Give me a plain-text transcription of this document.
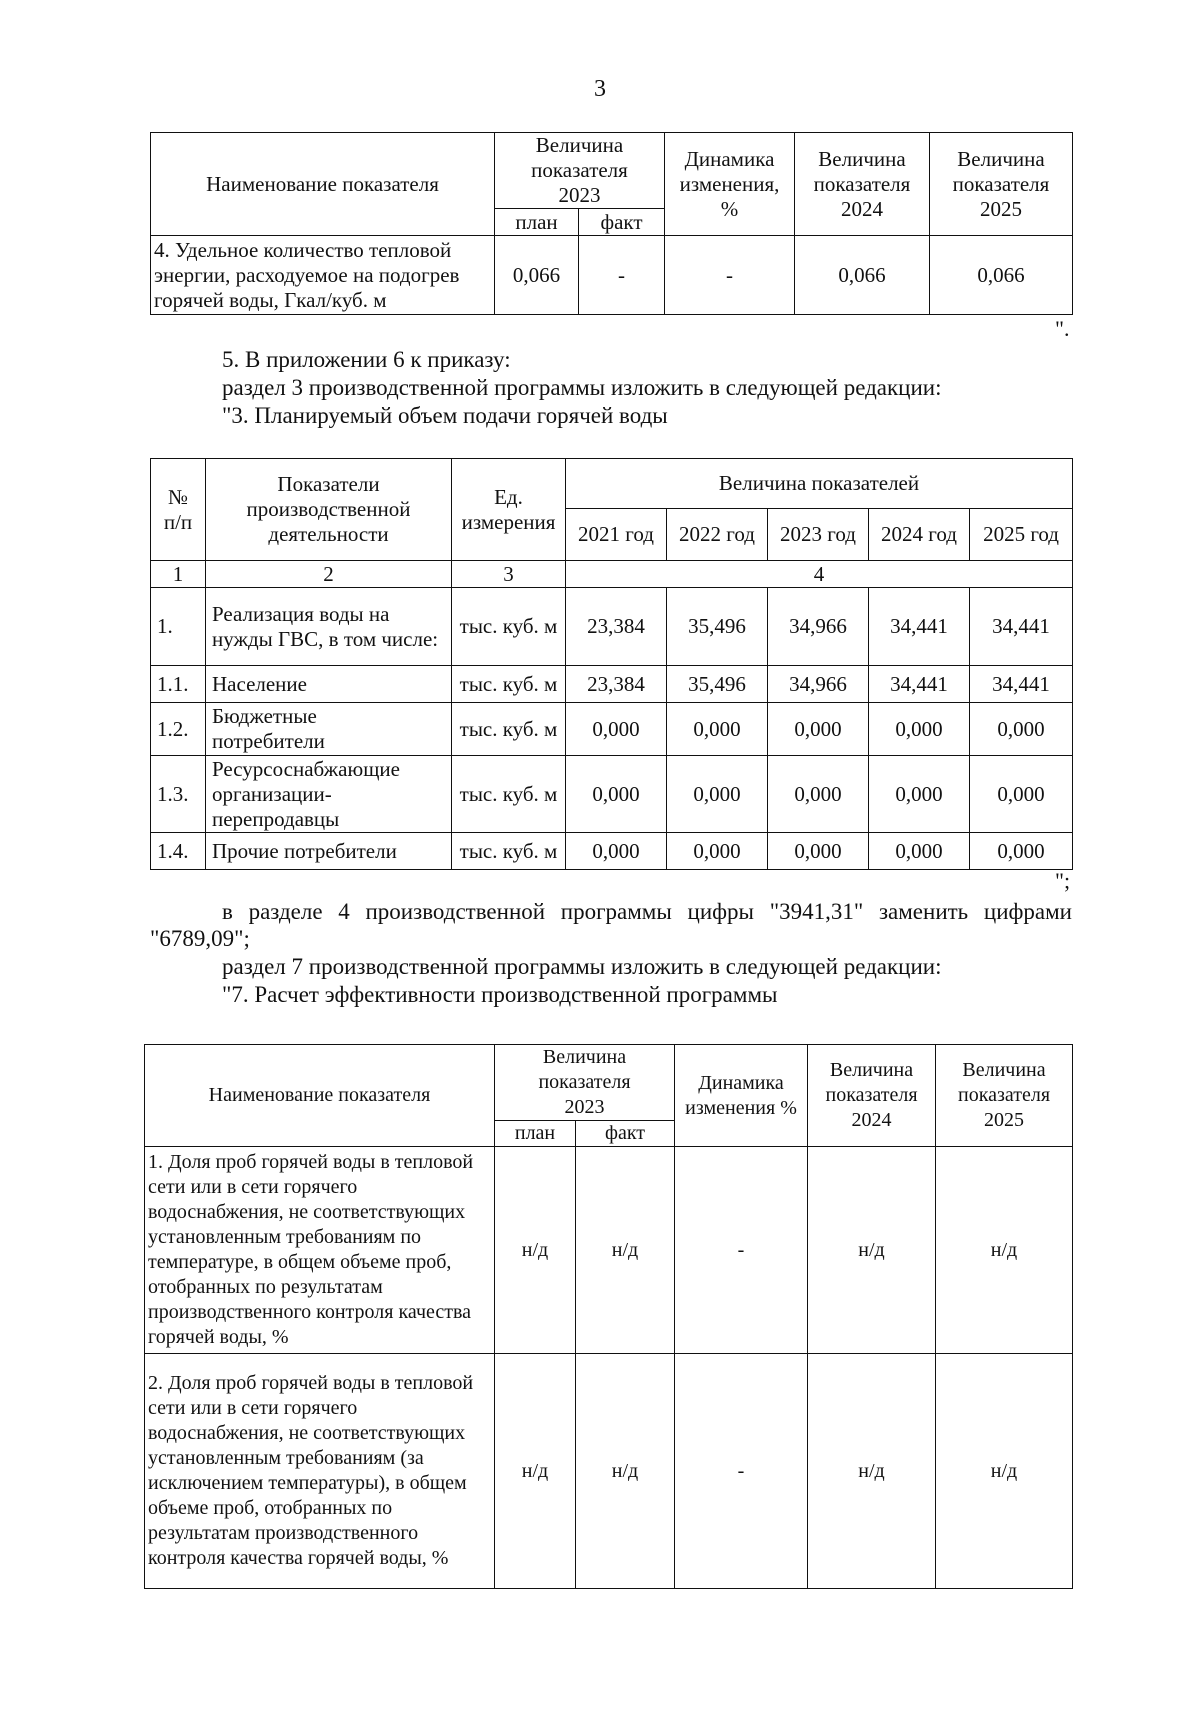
3
Наименование показателя	Величина показателя 2023		Динамика изменения, %	Величина показателя 2024	Величина показателя 2025
	план	факт			
4. Удельное количество тепловой энергии, расходуемое на подогрев горячей воды, Гкал/куб. м	0,066	-	-	0,066	0,066
".
5. В приложении 6 к приказу:
раздел 3 производственной программы изложить в следующей редакции:
"3. Планируемый объем подачи горячей воды
№ п/п	Показатели производственной деятельности	Ед. измерения	Величина показателей				
			2021 год	2022 год	2023 год	2024 год	2025 год
1	2	3	4				
1.	Реализация воды на нужды ГВС, в том числе:	тыс. куб. м	23,384	35,496	34,966	34,441	34,441
1.1.	Население	тыс. куб. м	23,384	35,496	34,966	34,441	34,441
1.2.	Бюджетные потребители	тыс. куб. м	0,000	0,000	0,000	0,000	0,000
1.3.	Ресурсоснабжающие организации-перепродавцы	тыс. куб. м	0,000	0,000	0,000	0,000	0,000
1.4.	Прочие потребители	тыс. куб. м	0,000	0,000	0,000	0,000	0,000
";
в разделе 4 производственной программы цифры "3941,31" заменить цифрами "6789,09";
раздел 7 производственной программы изложить в следующей редакции:
"7. Расчет эффективности производственной программы
Наименование показателя	Величина показателя 2023		Динамика изменения %	Величина показателя 2024	Величина показателя 2025
	план	факт			
1. Доля проб горячей воды в тепловой сети или в сети горячего водоснабжения, не соответствующих установленным требованиям по температуре, в общем объеме проб, отобранных по результатам производственного контроля качества горячей воды, %	н/д	н/д	-	н/д	н/д
2. Доля проб горячей воды в тепловой сети или в сети горячего водоснабжения, не соответствующих установленным требованиям (за исключением температуры), в общем объеме проб, отобранных по результатам производственного контроля качества горячей воды, %	н/д	н/д	-	н/д	н/д
